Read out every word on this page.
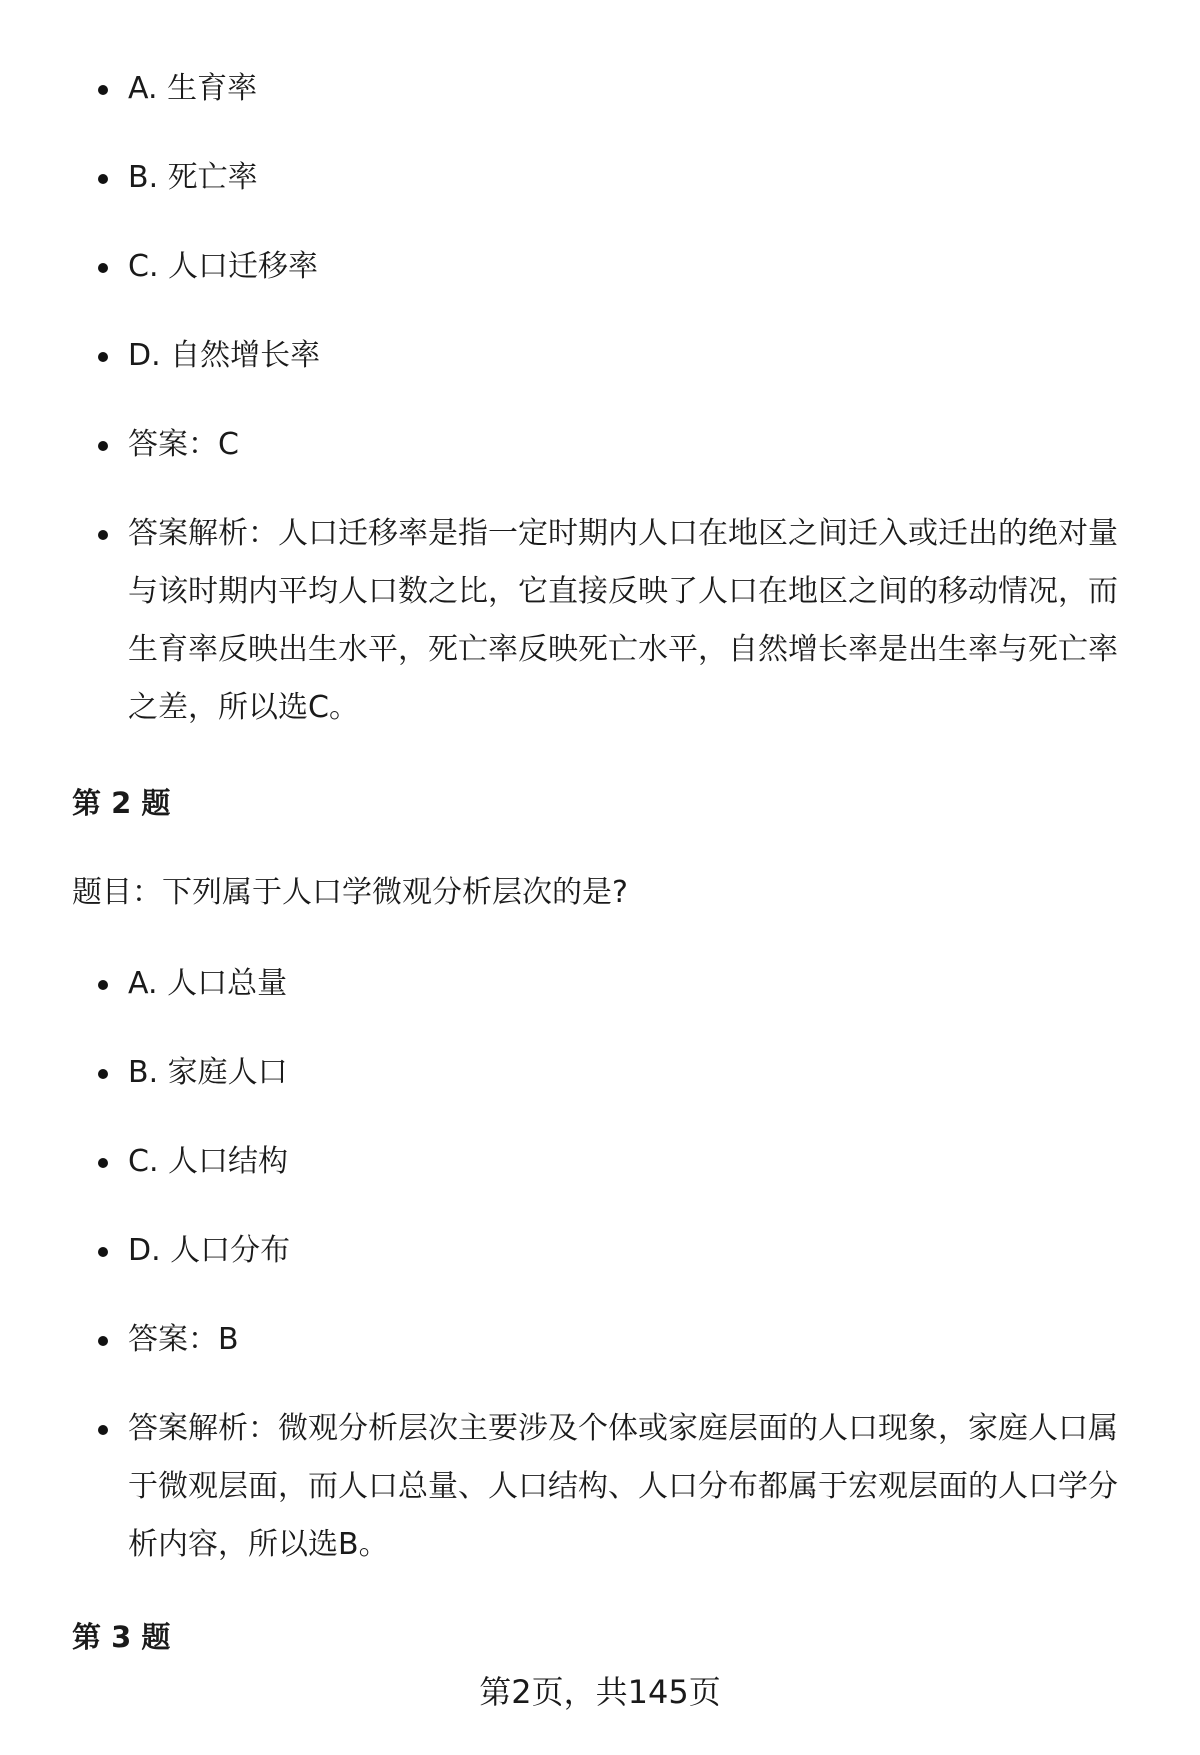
A. 生育率
B. 死亡率
C. 人口迁移率
D. 自然增长率
答案：C
答案解析：人口迁移率是指一定时期内人口在地区之间迁入或迁出的绝对量与该时期内平均人口数之比，它直接反映了人口在地区之间的移动情况，而生育率反映出生水平，死亡率反映死亡水平，自然增长率是出生率与死亡率之差，所以选C。
第 2 题
题目：下列属于人口学微观分析层次的是?
A. 人口总量
B. 家庭人口
C. 人口结构
D. 人口分布
答案：B
答案解析：微观分析层次主要涉及个体或家庭层面的人口现象，家庭人口属于微观层面，而人口总量、人口结构、人口分布都属于宏观层面的人口学分析内容，所以选B。
第 3 题
第2页，共145页
